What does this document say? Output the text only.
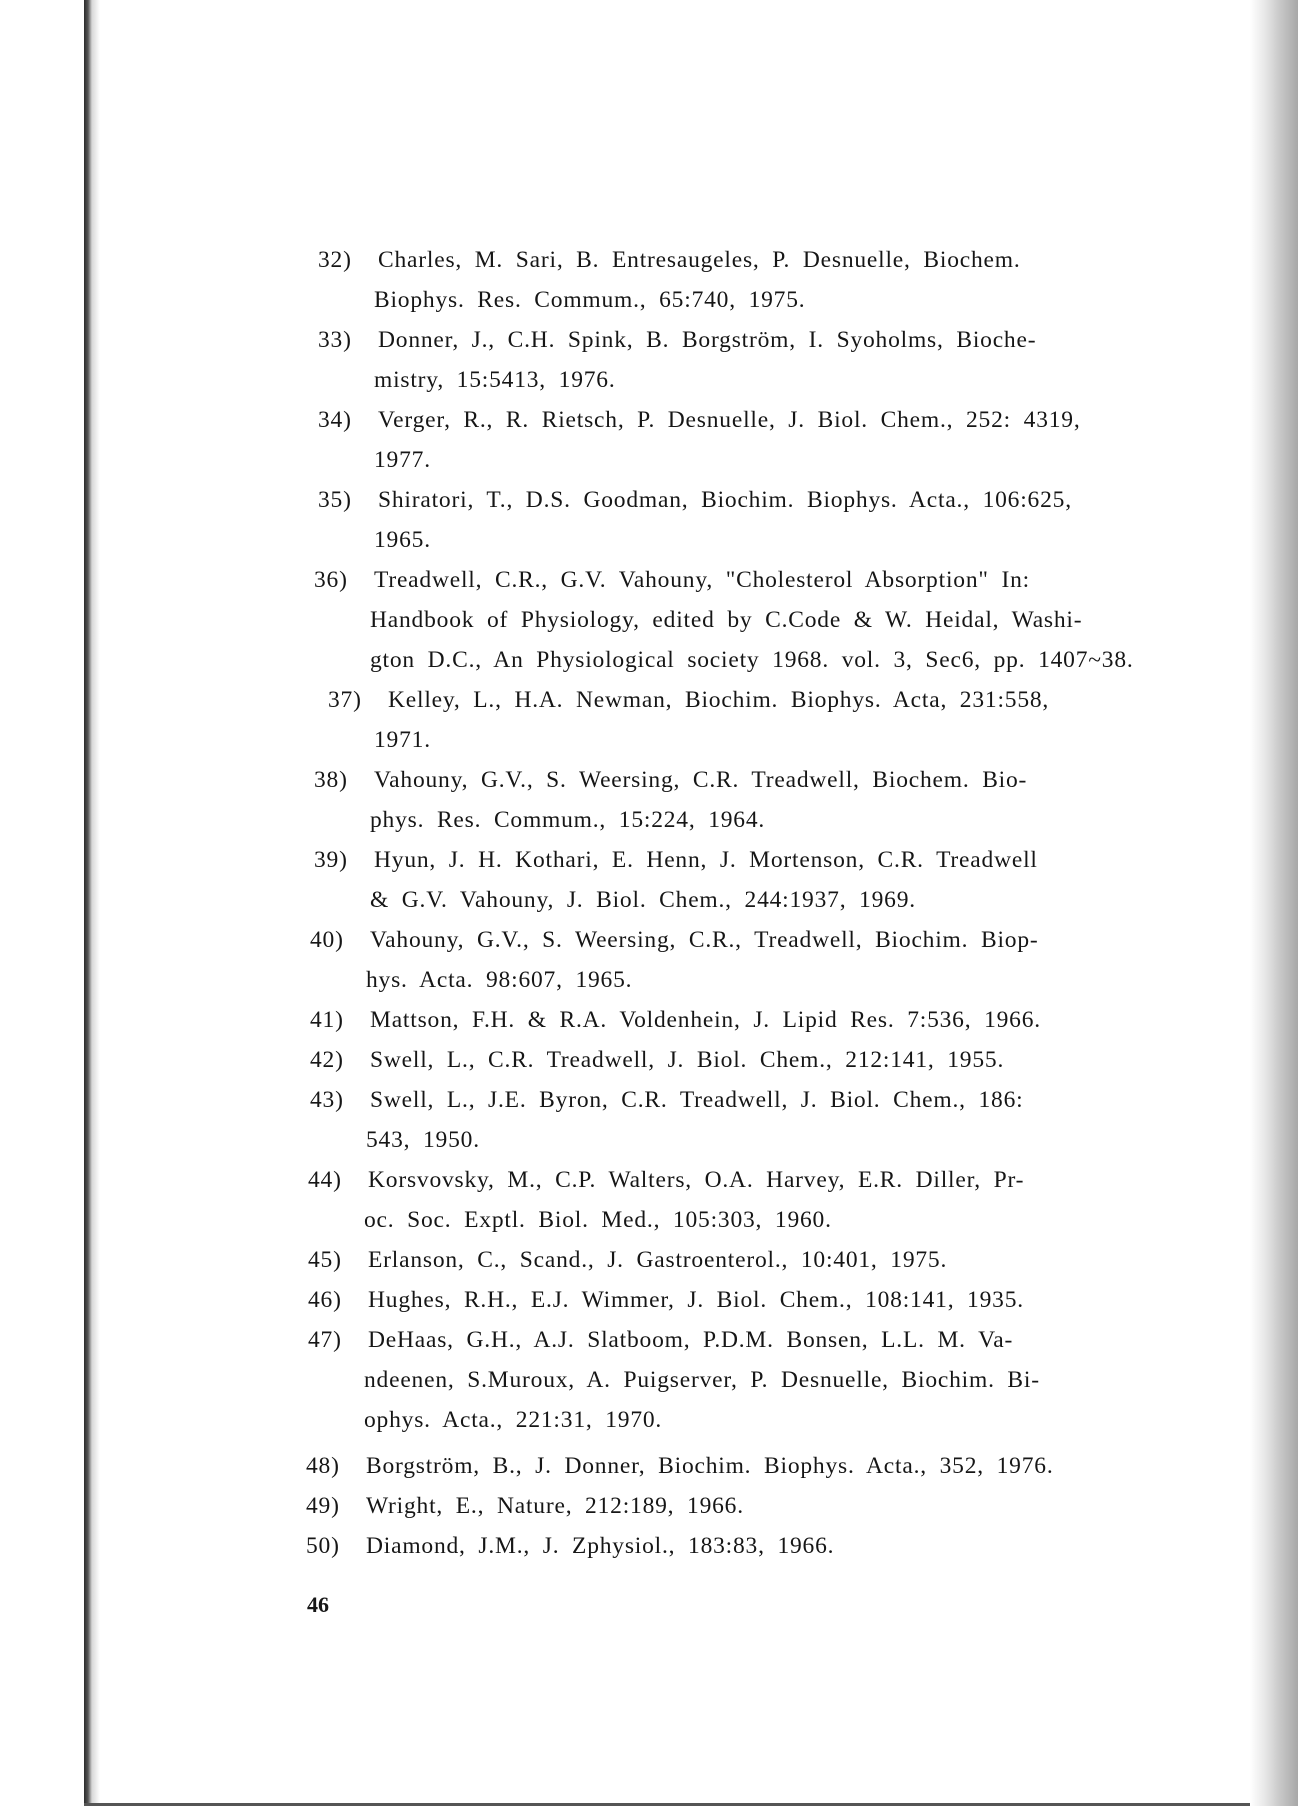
32)	Charles, M. Sari, B. Entresaugeles, P. Desnuelle, Biochem.
Biophys. Res. Commum., 65:740, 1975.
33)	Donner, J., C.H. Spink, B. Borgström, I. Syoholms, Bioche-
mistry, 15:5413, 1976.
34)	Verger, R., R. Rietsch, P. Desnuelle, J. Biol. Chem., 252: 4319,
1977.
35)	Shiratori, T., D.S. Goodman, Biochim. Biophys. Acta., 106:625,
1965.
36)	Treadwell, C.R., G.V. Vahouny, "Cholesterol Absorption" In:
Handbook of Physiology, edited by C.Code & W. Heidal, Washi-
gton D.C., An Physiological society 1968. vol. 3, Sec6, pp. 1407~38.
37)	Kelley, L., H.A. Newman, Biochim. Biophys. Acta, 231:558,
1971.
38)	Vahouny, G.V., S. Weersing, C.R. Treadwell, Biochem. Bio-
phys. Res. Commum., 15:224, 1964.
39)	Hyun, J. H. Kothari, E. Henn, J. Mortenson, C.R. Treadwell
& G.V. Vahouny, J. Biol. Chem., 244:1937, 1969.
40)	Vahouny, G.V., S. Weersing, C.R., Treadwell, Biochim. Biop-
hys. Acta. 98:607, 1965.
41)	Mattson, F.H. & R.A. Voldenhein, J. Lipid Res. 7:536, 1966.
42)	Swell, L., C.R. Treadwell, J. Biol. Chem., 212:141, 1955.
43)	Swell, L., J.E. Byron, C.R. Treadwell, J. Biol. Chem., 186:
543, 1950.
44)	Korsvovsky, M., C.P. Walters, O.A. Harvey, E.R. Diller, Pr-
oc. Soc. Exptl. Biol. Med., 105:303, 1960.
45)	Erlanson, C., Scand., J. Gastroenterol., 10:401, 1975.
46)	Hughes, R.H., E.J. Wimmer, J. Biol. Chem., 108:141, 1935.
47)	DeHaas, G.H., A.J. Slatboom, P.D.M. Bonsen, L.L. M. Va-
ndeenen, S.Muroux, A. Puigserver, P. Desnuelle, Biochim. Bi-
ophys. Acta., 221:31, 1970.
48)	Borgström, B., J. Donner, Biochim. Biophys. Acta., 352, 1976.
49)	Wright, E., Nature, 212:189, 1966.
50)	Diamond, J.M., J. Zphysiol., 183:83, 1966.
46
